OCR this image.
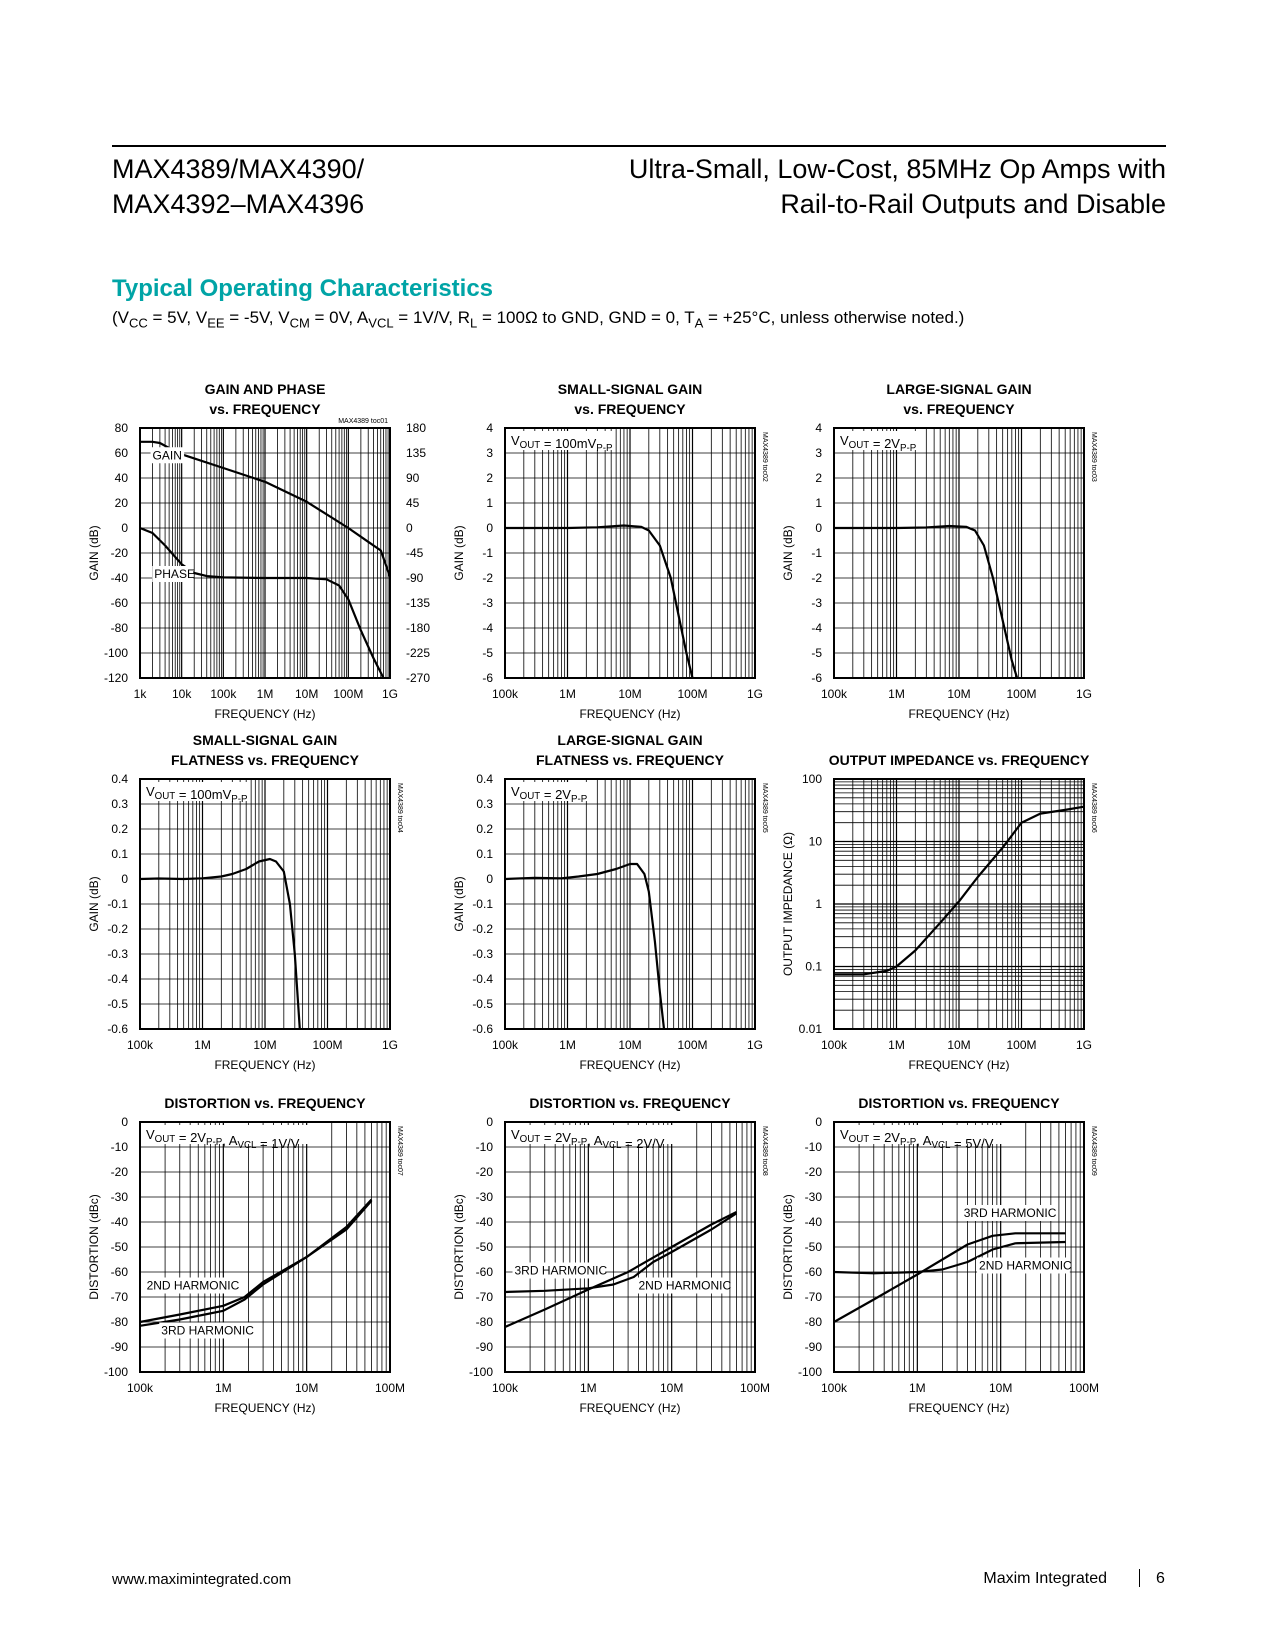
MAX4389/MAX4390/
MAX4392–MAX4396
Ultra-Small, Low-Cost, 85MHz Op Amps with
Rail-to-Rail Outputs and Disable
Typical Operating Characteristics
($V_{CC} = 5V$, $V_{EE} = -5V$, $V_{CM} = 0V$, $A_{VCL} = 1V/V$, $R_L = 100\Omega$ to GND, GND = 0, $T_A = +25^\circ C$, unless otherwise noted.)
GAIN AND PHASE
vs. FREQUENCY
MAX4389 toc01
1k 10k 100k 1M 10M 100M 1G
80
60
40
20
0
-20
-40
-60
-80
-100
-120
180
135
90
45
0
-45
-90
-135
-180
-225
-270
FREQUENCY (Hz)
GAIN (dB)
GAIN
PHASE
SMALL-SIGNAL GAIN
vs. FREQUENCY
MAX4389 toc02
100k	1M	10M	100M	1G
4
3
2
1
0
-1
-2
-3
-4
-5
-6
FREQUENCY (Hz)
GAIN (dB)
$V_{OUT} = 100mV_{P-P}$
LARGE-SIGNAL GAIN
vs. FREQUENCY
MAX4389 toc03
100k	1M	10M	100M	1G
4
3
2
1
0
-1
-2
-3
-4
-5
-6
FREQUENCY (Hz)
GAIN (dB)
$V_{OUT} = 2V_{P-P}$
SMALL-SIGNAL GAIN
FLATNESS vs. FREQUENCY
MAX4389 toc04
100k	1M	10M	100M	1G
0.4
0.3
0.2
0.1
0
-0.1
-0.2
-0.3
-0.4
-0.5
-0.6
FREQUENCY (Hz)
GAIN (dB)
$V_{OUT} = 100mV_{P-P}$
LARGE-SIGNAL GAIN
FLATNESS vs. FREQUENCY
MAX4389 toc05
100k	1M	10M	100M	1G
0.4
0.3
0.2
0.1
0
-0.1
-0.2
-0.3
-0.4
-0.5
-0.6
FREQUENCY (Hz)
GAIN (dB)
$V_{OUT} = 2V_{P-P}$
OUTPUT IMPEDANCE vs. FREQUENCY
MAX4389 toc06
100k	1M	10M	100M	1G
100
10
1
0.1
0.01
FREQUENCY (Hz)
OUTPUT IMPEDANCE (Ω)
DISTORTION vs. FREQUENCY
MAX4389 toc07
100k	1M	10M	100M
0
-10
-20
-30
-40
-50
-60
-70
-80
-90
-100
FREQUENCY (Hz)
DISTORTION (dBc)
$V_{OUT} = 2V_{P-P}$, $A_{VCL} = 1V/V$
2ND HARMONIC
3RD HARMONIC
DISTORTION vs. FREQUENCY
MAX4389 toc08
100k	1M	10M	100M
0
-10
-20
-30
-40
-50
-60
-70
-80
-90
-100
FREQUENCY (Hz)
DISTORTION (dBc)
$V_{OUT} = 2V_{P-P}$, $A_{VCL} = 2V/V$
3RD HARMONIC
2ND HARMONIC
DISTORTION vs. FREQUENCY
MAX4389 toc09
100k	1M	10M	100M
0
-10
-20
-30
-40
-50
-60
-70
-80
-90
-100
FREQUENCY (Hz)
DISTORTION (dBc)
$V_{OUT} = 2V_{P-P}$, $A_{VCL} = 5V/V$
3RD HARMONIC
2ND HARMONIC
www.maximintegrated.com	Maxim Integrated	6
